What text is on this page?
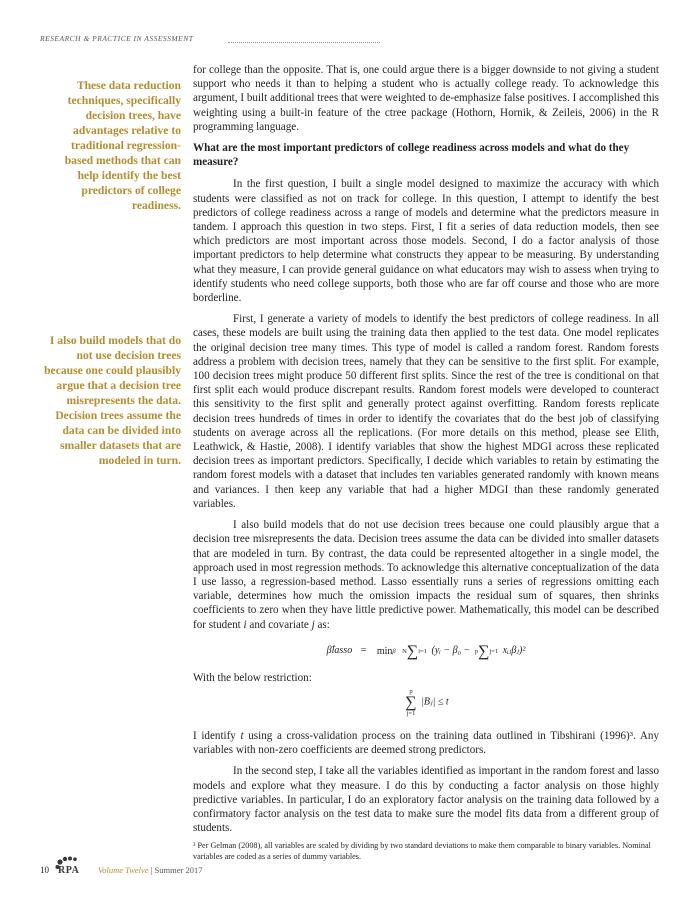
RESEARCH & PRACTICE IN ASSESSMENT
These data reduction techniques, specifically decision trees, have advantages relative to traditional regression-based methods that can help identify the best predictors of college readiness.
I also build models that do not use decision trees because one could plausibly argue that a decision tree misrepresents the data. Decision trees assume the data can be divided into smaller datasets that are modeled in turn.

for college than the opposite. That is, one could argue there is a bigger downside to not giving a student support who needs it than to helping a student who is actually college ready. To acknowledge this argument, I built additional trees that were weighted to de-emphasize false positives. I accomplished this weighting using a built-in feature of the ctree package (Hothorn, Hornik, & Zeileis, 2006) in the R programming language.

What are the most important predictors of college readiness across models and what do they measure?

In the first question, I built a single model designed to maximize the accuracy with which students were classified as not on track for college. In this question, I attempt to identify the best predictors of college readiness across a range of models and determine what the predictors measure in tandem. I approach this question in two steps. First, I fit a series of data reduction models, then see which predictors are most important across those models. Second, I do a factor analysis of those important predictors to help determine what constructs they appear to be measuring. By understanding what they measure, I can provide general guidance on what educators may wish to assess when trying to identify students who need college supports, both those who are far off course and those who are more borderline.

First, I generate a variety of models to identify the best predictors of college readiness. In all cases, these models are built using the training data then applied to the test data. One model replicates the original decision tree many times. This type of model is called a random forest. Random forests address a problem with decision trees, namely that they can be sensitive to the first split. For example, 100 decision trees might produce 50 different first splits. Since the rest of the tree is conditional on that first split each would produce discrepant results. Random forest models were developed to counteract this sensitivity to the first split and generally protect against overfitting. Random forests replicate decision trees hundreds of times in order to identify the covariates that do the best job of classifying students on average across all the replications. (For more details on this method, please see Elith, Leathwick, & Hastie, 2008). I identify variables that show the highest MDGI across these replicated decision trees as important predictors. Specifically, I decide which variables to retain by estimating the random forest models with a dataset that includes ten variables generated randomly with known means and variances. I then keep any variable that had a higher MDGI than these randomly generated variables.

I also build models that do not use decision trees because one could plausibly argue that a decision tree misrepresents the data. Decision trees assume the data can be divided into smaller datasets that are modeled in turn. By contrast, the data could be represented altogether in a single model, the approach used in most regression methods. To acknowledge this alternative conceptualization of the data I use lasso, a regression-based method. Lasso essentially runs a series of regressions omitting each variable, determines how much the omission impacts the residual sum of squares, then shrinks coefficients to zero when they have little predictive power. Mathematically, this model can be described for student i and covariate j as:

β̂lasso = minβ N∑i=1 (yᵢ − β₀ − p∑j=1 xᵢⱼβⱼ)²

With the below restriction:

p
∑
j=1
|Bⱼ| ≤ t

I identify t using a cross-validation process on the training data outlined in Tibshirani (1996)³. Any variables with non-zero coefficients are deemed strong predictors.

In the second step, I take all the variables identified as important in the random forest and lasso models and explore what they measure. I do this by conducting a factor analysis on those highly predictive variables. In particular, I do an exploratory factor analysis on the training data followed by a confirmatory factor analysis on the test data to make sure the model fits data from a different group of students.

³ Per Gelman (2008), all variables are scaled by dividing by two standard deviations to make them comparable to binary variables. Nominal variables are coded as a series of dummy variables.
10 RPA Volume Twelve | Summer 2017
